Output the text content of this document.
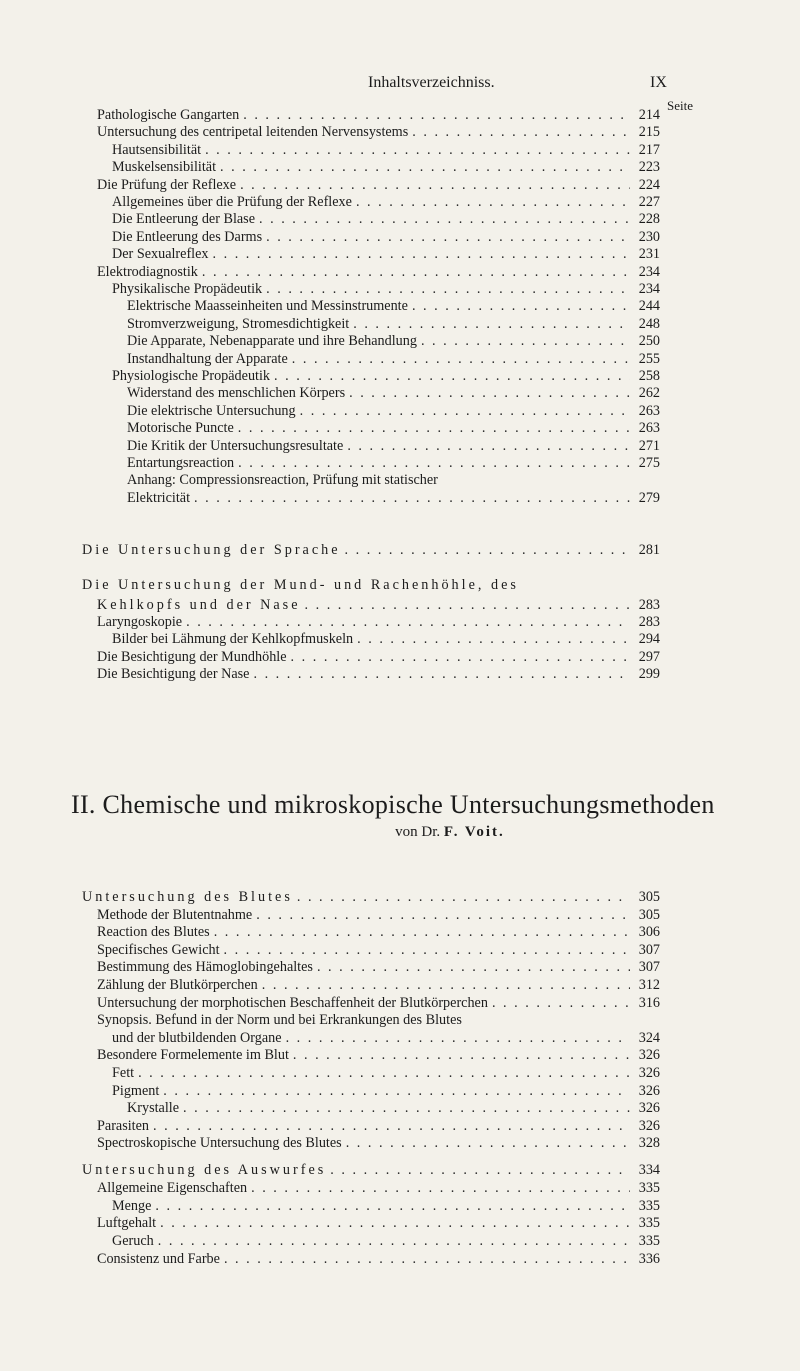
Inhaltsverzeichniss.	IX
Seite
Pathologische Gangarten . . .	214
Untersuchung des centripetal leitenden Nervensystems . . .	215
Hautsensibilität . . .	217
Muskelsensibilität . . .	223
Die Prüfung der Reflexe . . .	224
Allgemeines über die Prüfung der Reflexe . . .	227
Die Entleerung der Blase . . .	228
Die Entleerung des Darms . . .	230
Der Sexualreflex . . .	231
Elektrodiagnostik . . .	234
Physikalische Propädeutik . . .	234
Elektrische Maasseinheiten und Messinstrumente . . .	244
Stromverzweigung, Stromesdichtigkeit . . .	248
Die Apparate, Nebenapparate und ihre Behandlung . . .	250
Instandhaltung der Apparate . . .	255
Physiologische Propädeutik . . .	258
Widerstand des menschlichen Körpers . . .	262
Die elektrische Untersuchung . . .	263
Motorische Puncte . . .	263
Die Kritik der Untersuchungsresultate . . .	271
Entartungsreaction . . .	275
Anhang: Compressionsreaction, Prüfung mit statischer
Elektricität . . .	279
Die Untersuchung der Sprache . . .	281
Die Untersuchung der Mund- und Rachenhöhle, des
Kehlkopfs und der Nase . . .	283
Laryngoskopie . . .	283
Bilder bei Lähmung der Kehlkopfmuskeln . . .	294
Die Besichtigung der Mundhöhle . . .	297
Die Besichtigung der Nase . . .	299
Untersuchung des Blutes . . .	305
Methode der Blutentnahme . . .	305
Reaction des Blutes . . .	306
Specifisches Gewicht . . .	307
Bestimmung des Hämoglobingehaltes . . .	307
Zählung der Blutkörperchen . . .	312
Untersuchung der morphotischen Beschaffenheit der Blutkörperchen . . .	316
Synopsis. Befund in der Norm und bei Erkrankungen des Blutes
und der blutbildenden Organe . . .	324
Besondere Formelemente im Blut . . .	326
Fett . . .	326
Pigment . . .	326
Krystalle . . .	326
Parasiten . . .	326
Spectroskopische Untersuchung des Blutes . . .	328
Untersuchung des Auswurfes . . .	334
Allgemeine Eigenschaften . . .	335
Menge . . .	335
Luftgehalt . . .	335
Geruch . . .	335
Consistenz und Farbe . . .	336
II. Chemische und mikroskopische Untersuchungsmethoden
von Dr. F. Voit.
